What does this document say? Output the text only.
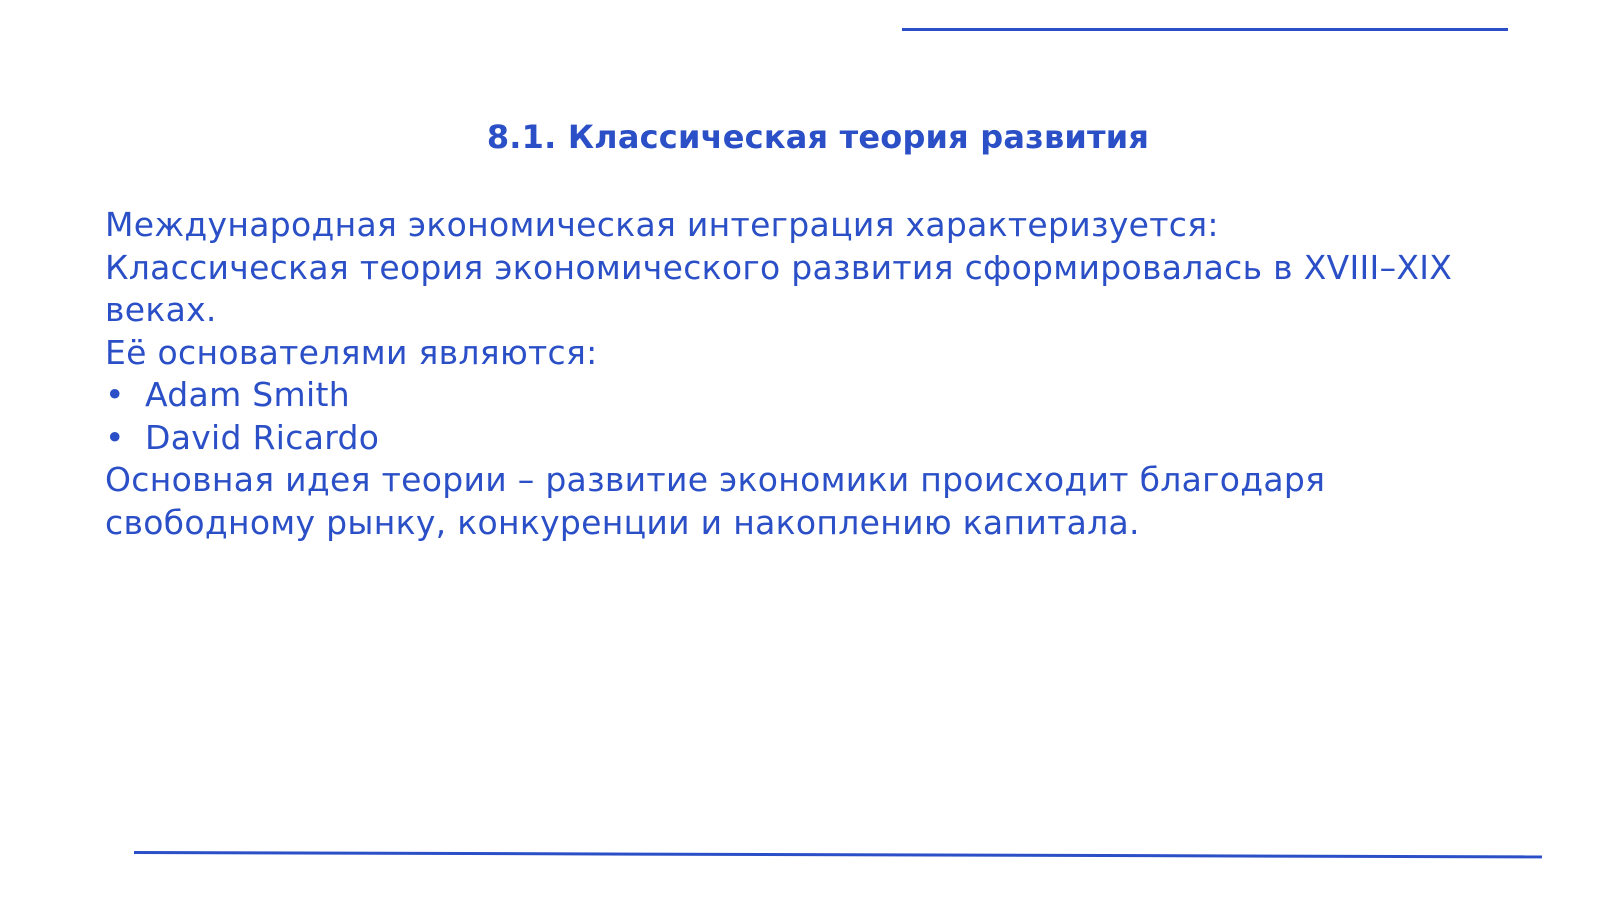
8.1. Классическая теория развития

Международная экономическая интеграция характеризуется:

Классическая теория экономического развития сформировалась в XVIII–XIX веках.

Её основателями являются:

• Adam Smith
• David Ricardo

Основная идея теории – развитие экономики происходит благодаря свободному рынку, конкуренции и накоплению капитала.
